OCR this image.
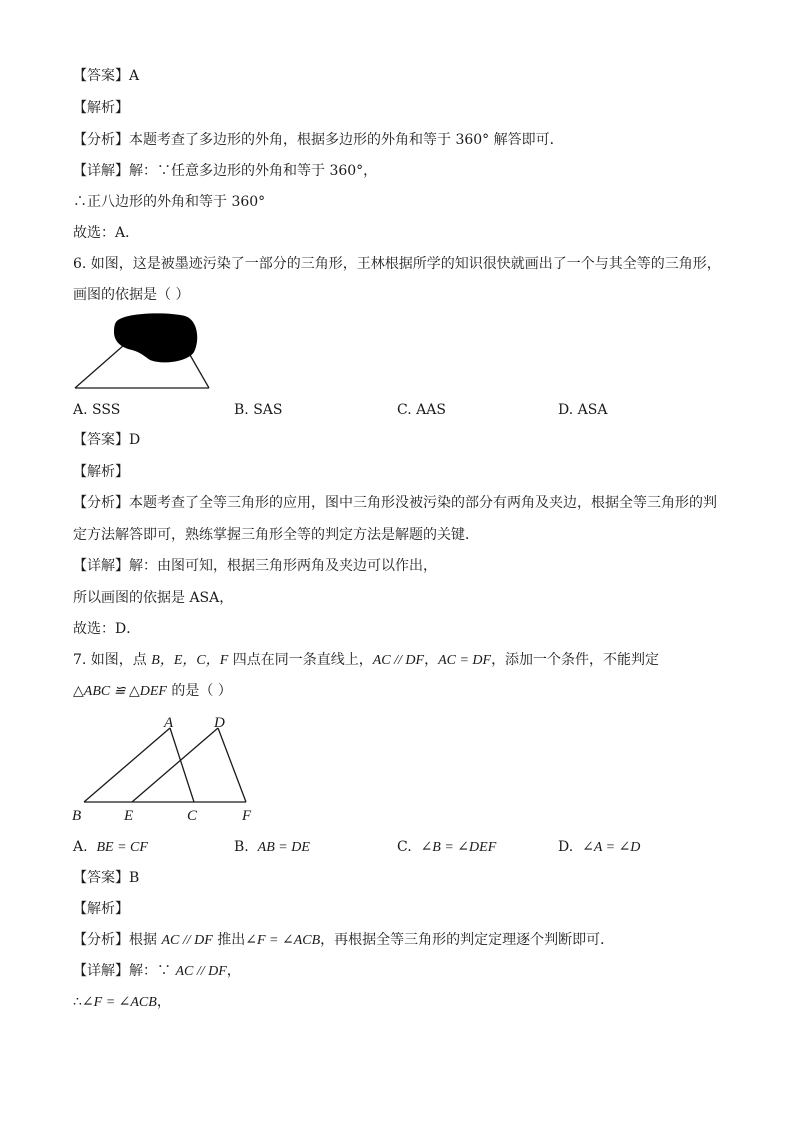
【答案】A
【解析】
【分析】本题考查了多边形的外角，根据多边形的外角和等于 360° 解答即可．
【详解】解：∵任意多边形的外角和等于 360°，
∴正八边形的外角和等于 360°
故选：A．
6. 如图，这是被墨迹污染了一部分的三角形，王林根据所学的知识很快就画出了一个与其全等的三角形，
画图的依据是（ ）
A. SSS	B. SAS	C. AAS	D. ASA
【答案】D
【解析】
【分析】本题考查了全等三角形的应用，图中三角形没被污染的部分有两角及夹边，根据全等三角形的判
定方法解答即可，熟练掌握三角形全等的判定方法是解题的关键．
【详解】解：由图可知，根据三角形两角及夹边可以作出，
所以画图的依据是 ASA，
故选：D．
7. 如图，点 B，E，C，F 四点在同一条直线上，AC // DF，AC = DF，添加一个条件，不能判定
△ABC ≌ △DEF 的是（ ）
A	D
B	E	C	F
A. BE = CF	B. AB = DE	C. ∠B = ∠DEF	D. ∠A = ∠D
【答案】B
【解析】
【分析】根据 AC // DF 推出∠F = ∠ACB，再根据全等三角形的判定定理逐个判断即可．
【详解】解：∵ AC // DF，
∴∠F = ∠ACB，
